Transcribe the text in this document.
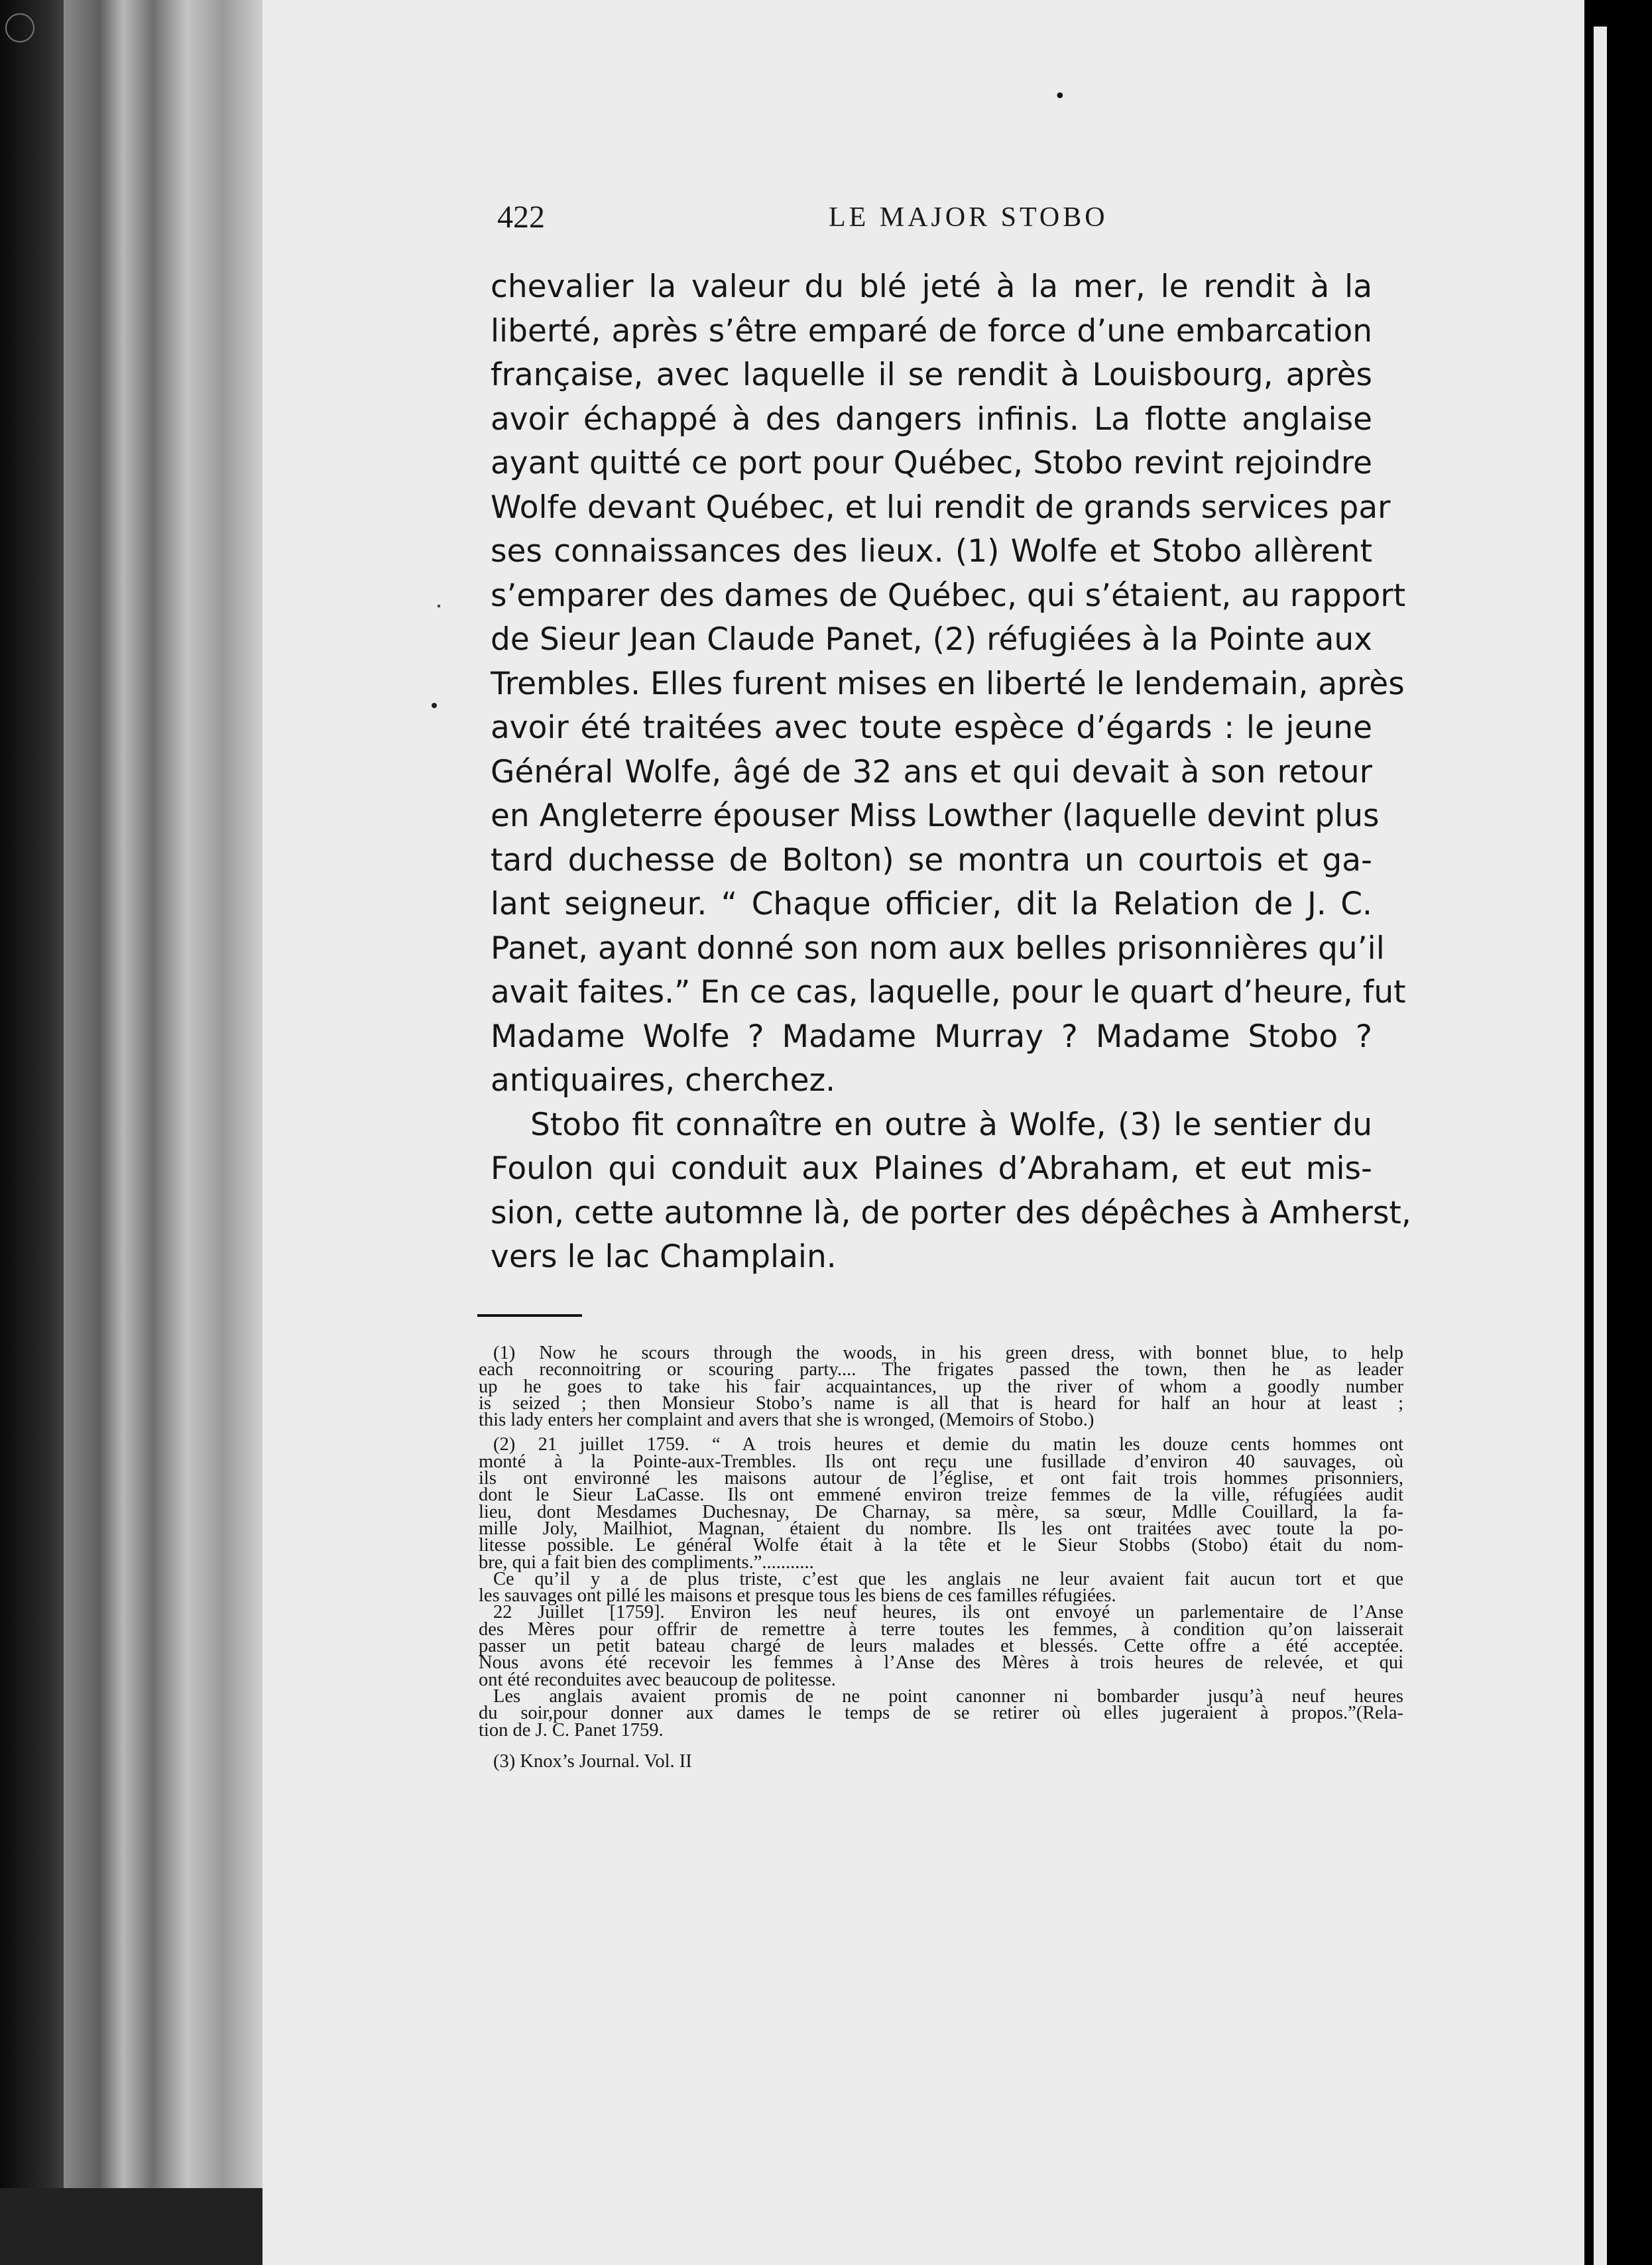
•
422	LE MAJOR STOBO
chevalier la valeur du blé jeté à la mer, le rendit à la
liberté, après s’être emparé de force d’une embarcation
française, avec laquelle il se rendit à Louisbourg, après
avoir échappé à des dangers infinis. La flotte anglaise
ayant quitté ce port pour Québec, Stobo revint rejoindre
Wolfe devant Québec, et lui rendit de grands services par
ses connaissances des lieux. (1) Wolfe et Stobo allèrent
s’emparer des dames de Québec, qui s’étaient, au rapport
de Sieur Jean Claude Panet, (2) réfugiées à la Pointe aux
Trembles. Elles furent mises en liberté le lendemain, après
avoir été traitées avec toute espèce d’égards : le jeune
Général Wolfe, âgé de 32 ans et qui devait à son retour
en Angleterre épouser Miss Lowther (laquelle devint plus
tard duchesse de Bolton) se montra un courtois et ga-
lant seigneur. “ Chaque officier, dit la Relation de J. C.
Panet, ayant donné son nom aux belles prisonnières qu’il
avait faites.” En ce cas, laquelle, pour le quart d’heure, fut
Madame Wolfe ? Madame Murray ? Madame Stobo ?
antiquaires, cherchez.
Stobo fit connaître en outre à Wolfe, (3) le sentier du
Foulon qui conduit aux Plaines d’Abraham, et eut mis-
sion, cette automne là, de porter des dépêches à Amherst,
vers le lac Champlain.
(1) Now he scours through the woods, in his green dress, with bonnet blue, to help
each reconnoitring or scouring party.... The frigates passed the town, then he as leader
up he goes to take his fair acquaintances, up the river of whom a goodly number
is seized ; then Monsieur Stobo’s name is all that is heard for half an hour at least ;
this lady enters her complaint and avers that she is wronged, (Memoirs of Stobo.)
(2) 21 juillet 1759. “ A trois heures et demie du matin les douze cents hommes ont
monté à la Pointe-aux-Trembles. Ils ont reçu une fusillade d’environ 40 sauvages, où
ils ont environné les maisons autour de l’église, et ont fait trois hommes prisonniers,
dont le Sieur LaCasse. Ils ont emmené environ treize femmes de la ville, réfugiées audit
lieu, dont Mesdames Duchesnay, De Charnay, sa mère, sa sœur, Mdlle Couillard, la fa-
mille Joly, Mailhiot, Magnan, étaient du nombre. Ils les ont traitées avec toute la po-
litesse possible. Le général Wolfe était à la tête et le Sieur Stobbs (Stobo) était du nom-
bre, qui a fait bien des compliments.”...........
Ce qu’il y a de plus triste, c’est que les anglais ne leur avaient fait aucun tort et que
les sauvages ont pillé les maisons et presque tous les biens de ces familles réfugiées.
22 Juillet [1759]. Environ les neuf heures, ils ont envoyé un parlementaire de l’Anse
des Mères pour offrir de remettre à terre toutes les femmes, à condition qu’on laisserait
passer un petit bateau chargé de leurs malades et blessés. Cette offre a été acceptée.
Nous avons été recevoir les femmes à l’Anse des Mères à trois heures de relevée, et qui
ont été reconduites avec beaucoup de politesse.
Les anglais avaient promis de ne point canonner ni bombarder jusqu’à neuf heures
du soir,pour donner aux dames le temps de se retirer où elles jugeraient à propos.”(Rela-
tion de J. C. Panet 1759.
(3) Knox’s Journal. Vol. II
